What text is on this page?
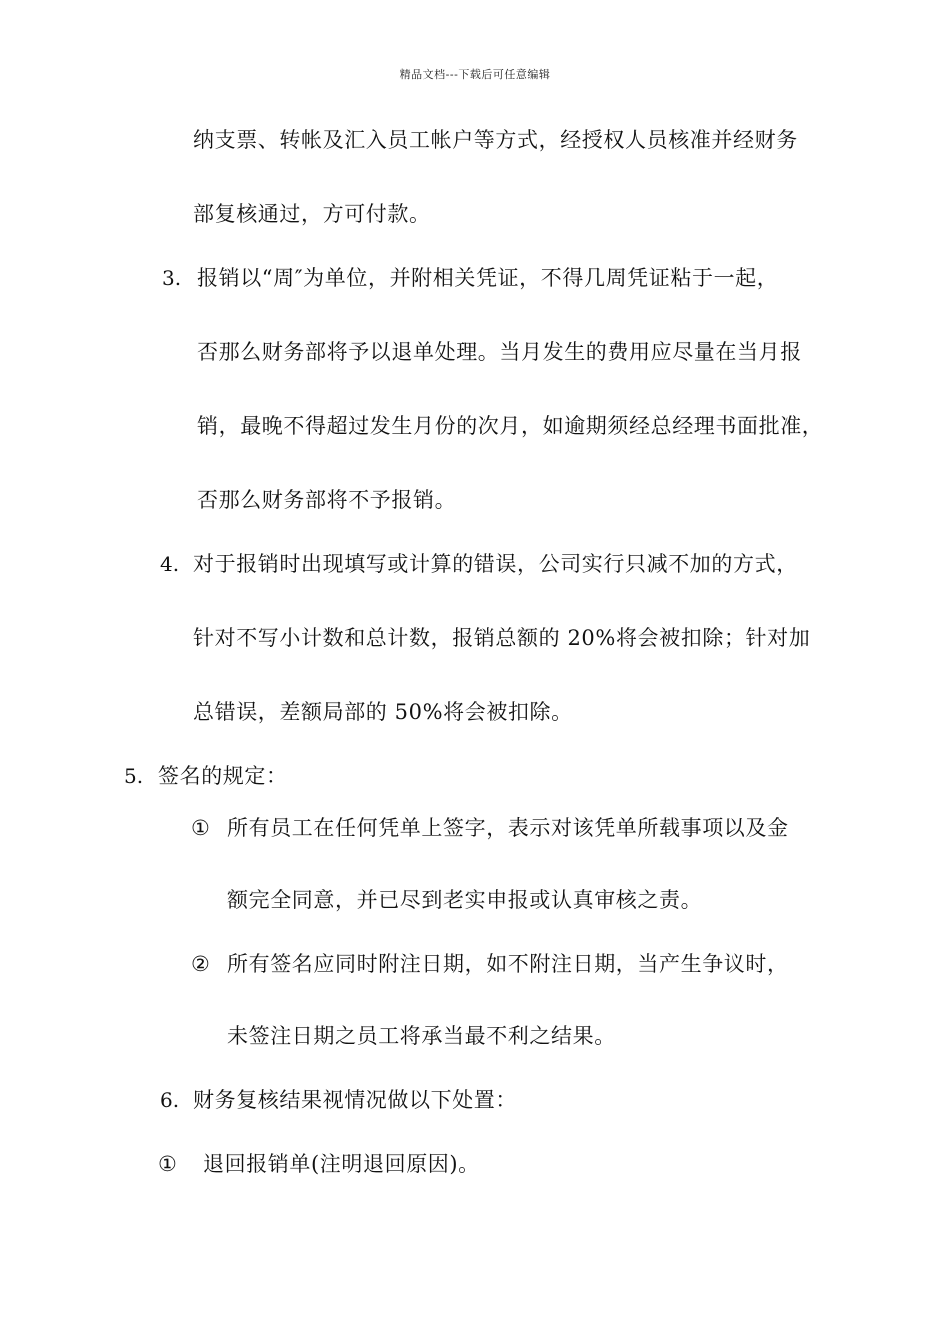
精品文档---下载后可任意编辑
纳支票、转帐及汇入员工帐户等方式，经授权人员核准并经财务
部复核通过，方可付款。
3. 报销以“周″为单位，并附相关凭证，不得几周凭证粘于一起，
否那么财务部将予以退单处理。当月发生的费用应尽量在当月报
销，最晚不得超过发生月份的次月，如逾期须经总经理书面批准，
否那么财务部将不予报销。
4. 对于报销时出现填写或计算的错误，公司实行只减不加的方式，
针对不写小计数和总计数，报销总额的 20%将会被扣除；针对加
总错误，差额局部的 50%将会被扣除。
5. 签名的规定：
① 所有员工在任何凭单上签字，表示对该凭单所载事项以及金
额完全同意，并已尽到老实申报或认真审核之责。
② 所有签名应同时附注日期，如不附注日期，当产生争议时，
未签注日期之员工将承当最不利之结果。
6. 财务复核结果视情况做以下处置：
① 退回报销单(注明退回原因)。
